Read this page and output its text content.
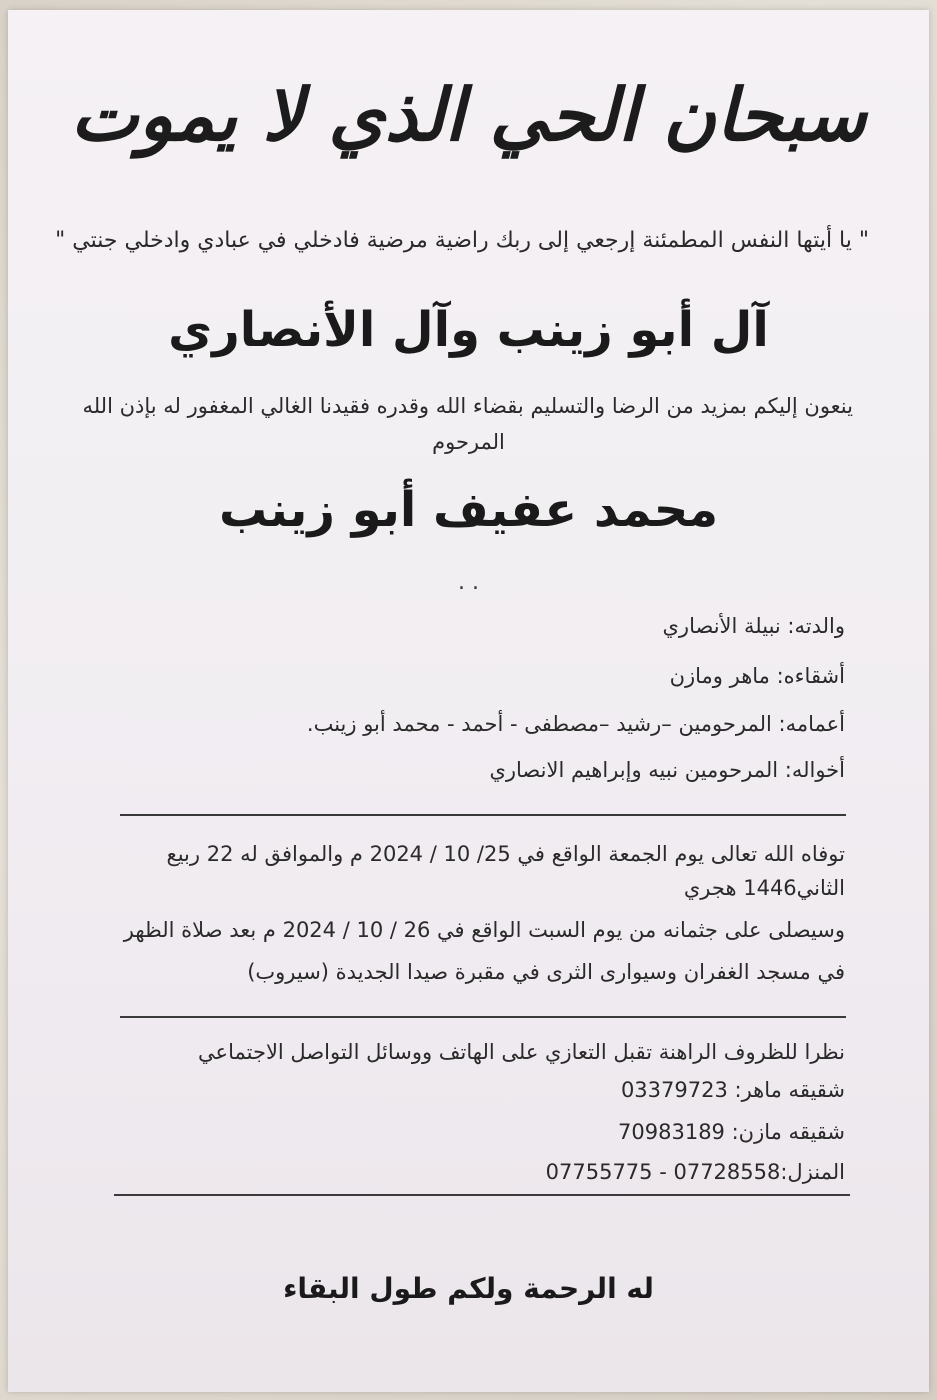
سبحان الحي الذي لا يموت
" يا أيتها النفس المطمئنة إرجعي إلى ربك راضية مرضية فادخلي في عبادي وادخلي جنتي "
آل أبو زينب وآل الأنصاري
ينعون إليكم بمزيد من الرضا والتسليم بقضاء الله وقدره فقيدنا الغالي المغفور له بإذن الله
المرحوم
محمد عفيف أبو زينب
. .
والدته: نبيلة الأنصاري
أشقاءه: ماهر ومازن
أعمامه: المرحومين –رشيد –مصطفى - أحمد - محمد أبو زينب.
أخواله: المرحومين نبيه وإبراهيم الانصاري
توفاه الله تعالى يوم الجمعة الواقع في 25/ 10 / 2024 م والموافق له 22 ربيع
الثاني1446 هجري
وسيصلى على جثمانه من يوم السبت الواقع في 26 / 10 / 2024 م بعد صلاة الظهر
في مسجد الغفران وسيوارى الثرى في مقبرة صيدا الجديدة (سيروب)
نظرا للظروف الراهنة تقبل التعازي على الهاتف ووسائل التواصل الاجتماعي
شقيقه ماهر: 03379723
شقيقه مازن: 70983189
المنزل:07728558 - 07755775
له الرحمة ولكم طول البقاء
